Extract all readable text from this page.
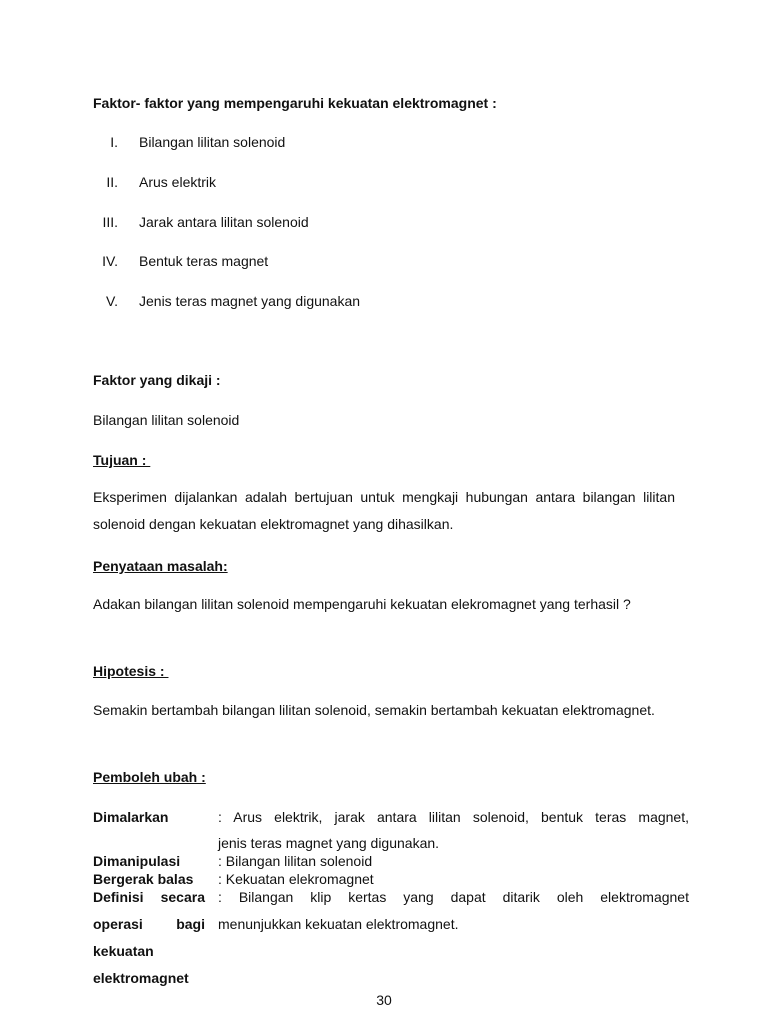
Faktor- faktor yang mempengaruhi kekuatan elektromagnet :
I. Bilangan lilitan solenoid
II. Arus elektrik
III. Jarak antara lilitan solenoid
IV. Bentuk teras magnet
V. Jenis teras magnet yang digunakan
Faktor yang dikaji :
Bilangan lilitan solenoid
Tujuan :
Eksperimen dijalankan adalah bertujuan untuk mengkaji hubungan antara bilangan lilitan solenoid dengan kekuatan elektromagnet yang dihasilkan.
Penyataan masalah:
Adakan bilangan lilitan solenoid mempengaruhi kekuatan elekromagnet yang terhasil ?
Hipotesis :
Semakin bertambah bilangan lilitan solenoid, semakin bertambah kekuatan elektromagnet.
Pemboleh ubah :
Dimalarkan	: Arus elektrik, jarak antara lilitan solenoid, bentuk teras magnet,
jenis teras magnet yang digunakan.
Dimanipulasi	: Bilangan lilitan solenoid
Bergerak balas : Kekuatan elekromagnet
Definisi secara
operasi bagi
kekuatan
elektromagnet
: Bilangan klip kertas yang dapat ditarik oleh elektromagnet
menunjukkan kekuatan elektromagnet.
30
